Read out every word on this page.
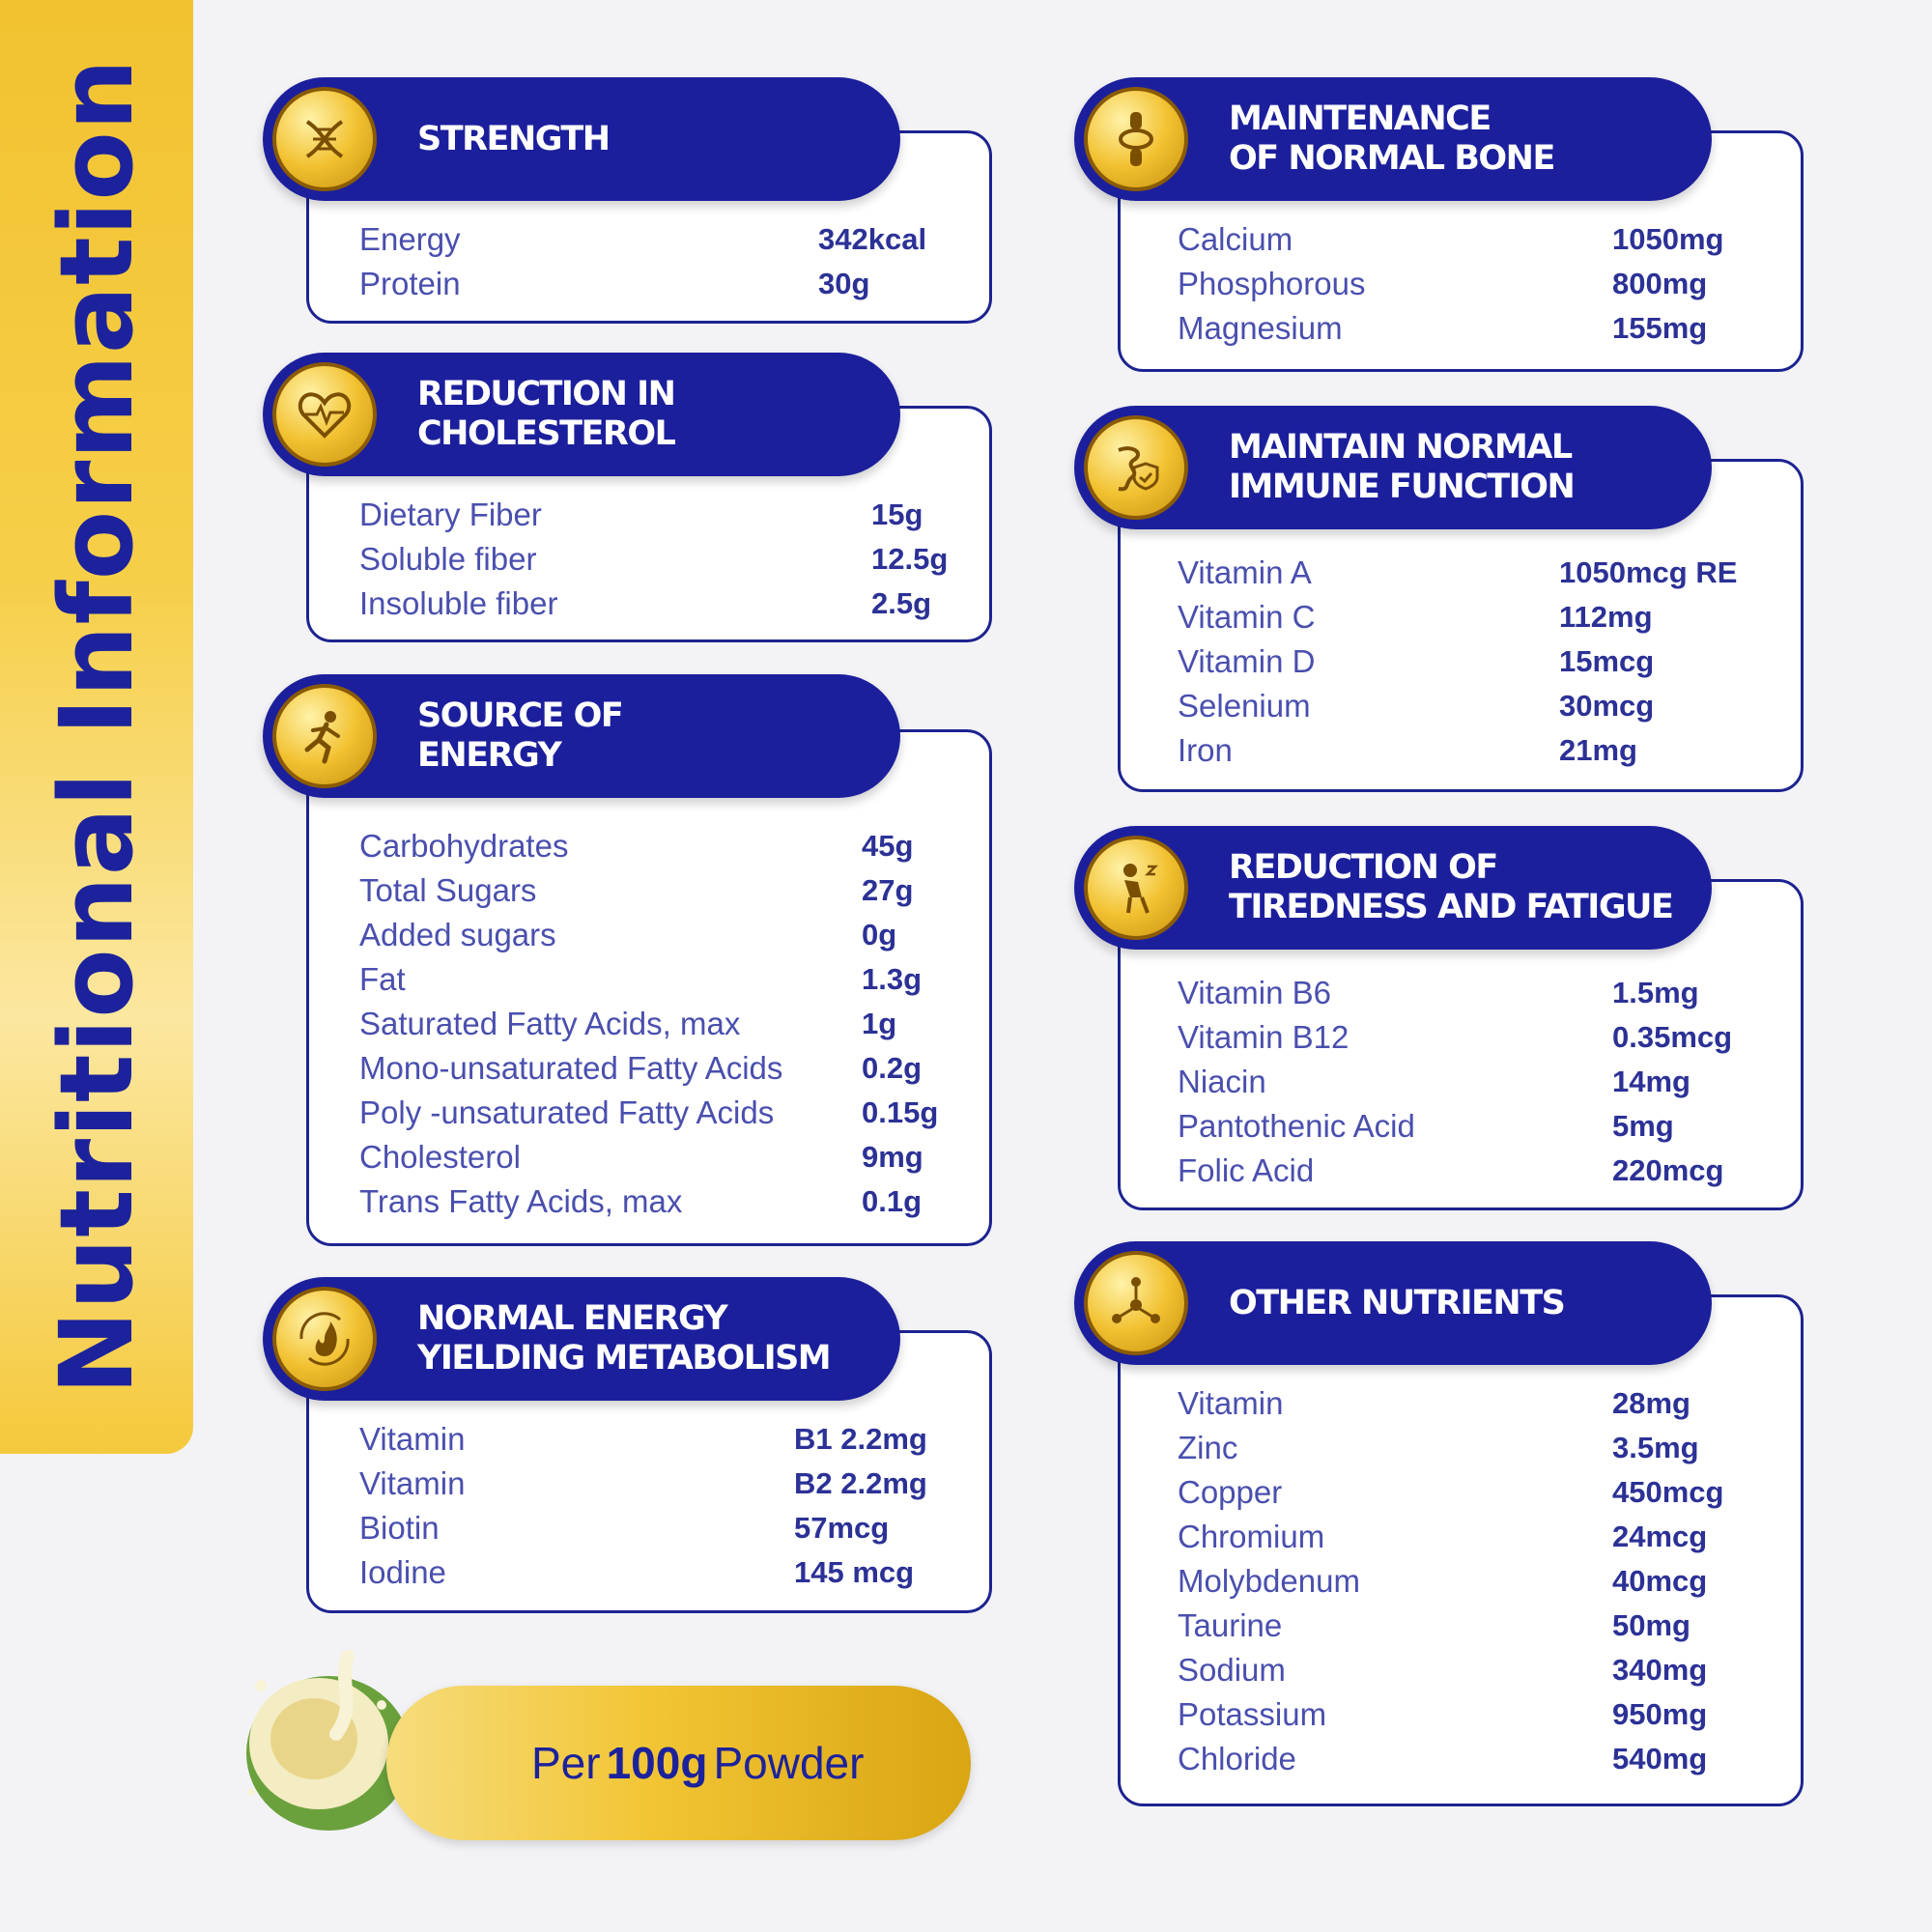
Nutritional Information	STRENGTH
Energy	342kcal
Protein	30g
REDUCTION IN
CHOLESTEROL
Dietary Fiber	15g
Soluble fiber	12.5g
Insoluble fiber	2.5g
SOURCE OF
ENERGY
Carbohydrates	45g
Total Sugars	27g
Added sugars	0g
Fat	1.3g
Saturated Fatty Acids, max	1g
Mono-unsaturated Fatty Acids	0.2g
Poly -unsaturated Fatty Acids	0.15g
Cholesterol	9mg
Trans Fatty Acids, max	0.1g
NORMAL ENERGY
YIELDING METABOLISM
Vitamin	B1 2.2mg
Vitamin	B2 2.2mg
Biotin	57mcg
Iodine	145 mcg
MAINTENANCE
OF NORMAL BONE
Calcium	1050mg
Phosphorous	800mg
Magnesium	155mg
MAINTAIN NORMAL
IMMUNE FUNCTION
Vitamin A	1050mcg RE
Vitamin C	112mg
Vitamin D	15mcg
Selenium	30mcg
Iron	21mg
REDUCTION OF
TIREDNESS AND FATIGUE
Vitamin B6	1.5mg
Vitamin B12	0.35mcg
Niacin	14mg
Pantothenic Acid	5mg
Folic Acid	220mcg
OTHER NUTRIENTS
Vitamin	28mg
Zinc	3.5mg
Copper	450mcg
Chromium	24mcg
Molybdenum	40mcg
Taurine	50mg
Sodium	340mg
Potassium	950mg
Chloride	540mg
Per 100g Powder
